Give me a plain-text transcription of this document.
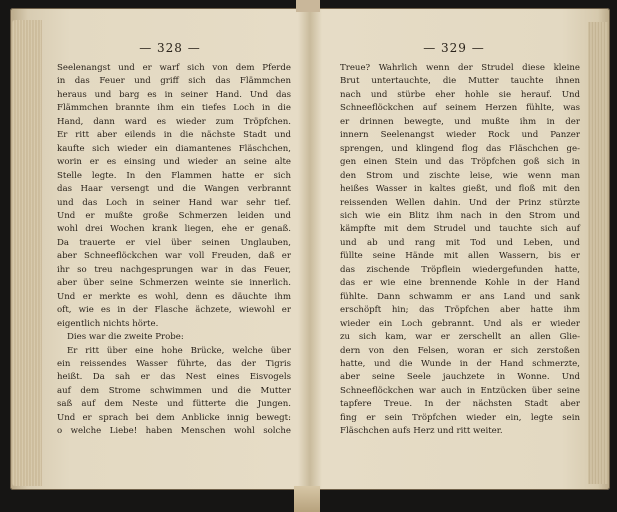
— 328 —
Seelenangst und er warf sich von dem Pferde
in das Feuer und griff sich das Flämmchen
heraus und barg es in seiner Hand. Und das
Flämmchen brannte ihm ein tiefes Loch in die
Hand, dann ward es wieder zum Tröpfchen.
Er ritt aber eilends in die nächste Stadt und
kaufte sich wieder ein diamantenes Fläschchen,
worin er es einsing und wieder an seine alte
Stelle legte. In den Flammen hatte er sich
das Haar versengt und die Wangen verbrannt
und das Loch in seiner Hand war sehr tief.
Und er mußte große Schmerzen leiden und
wohl drei Wochen krank liegen, ehe er genaß.
Da trauerte er viel über seinen Unglauben,
aber Schneeflöckchen war voll Freuden, daß er
ihr so treu nachgesprungen war in das Feuer,
aber über seine Schmerzen weinte sie innerlich.
Und er merkte es wohl, denn es däuchte ihm
oft, wie es in der Flasche ächzete, wiewohl er
eigentlich nichts hörte.
Dies war die zweite Probe:
Er ritt über eine hohe Brücke, welche über
ein reissendes Wasser führte, das der Tigris
heißt. Da sah er das Nest eines Eisvogels
auf dem Strome schwimmen und die Mutter
saß auf dem Neste und fütterte die Jungen.
Und er sprach bei dem Anblicke innig bewegt:
o welche Liebe! haben Menschen wohl solche
— 329 —
Treue? Wahrlich wenn der Strudel diese kleine
Brut untertauchte, die Mutter tauchte ihnen
nach und stürbe eher hohle sie herauf. Und
Schneeflöckchen auf seinem Herzen fühlte, was
er drinnen bewegte, und mußte ihm in der
innern Seelenangst wieder Rock und Panzer
sprengen, und klingend flog das Fläschchen ge-
gen einen Stein und das Tröpfchen goß sich in
den Strom und zischte leise, wie wenn man
heißes Wasser in kaltes gießt, und floß mit den
reissenden Wellen dahin. Und der Prinz stürzte
sich wie ein Blitz ihm nach in den Strom und
kämpfte mit dem Strudel und tauchte sich auf
und ab und rang mit Tod und Leben, und
füllte seine Hände mit allen Wassern, bis er
das zischende Tröpflein wiedergefunden hatte,
das er wie eine brennende Kohle in der Hand
fühlte. Dann schwamm er ans Land und sank
erschöpft hin; das Tröpfchen aber hatte ihm
wieder ein Loch gebrannt. Und als er wieder
zu sich kam, war er zerschellt an allen Glie-
dern von den Felsen, woran er sich zerstoßen
hatte, und die Wunde in der Hand schmerzte,
aber seine Seele jauchzete in Wonne. Und
Schneeflöckchen war auch in Entzücken über seine
tapfere Treue. In der nächsten Stadt aber
fing er sein Tröpfchen wieder ein, legte sein
Fläschchen aufs Herz und ritt weiter.
